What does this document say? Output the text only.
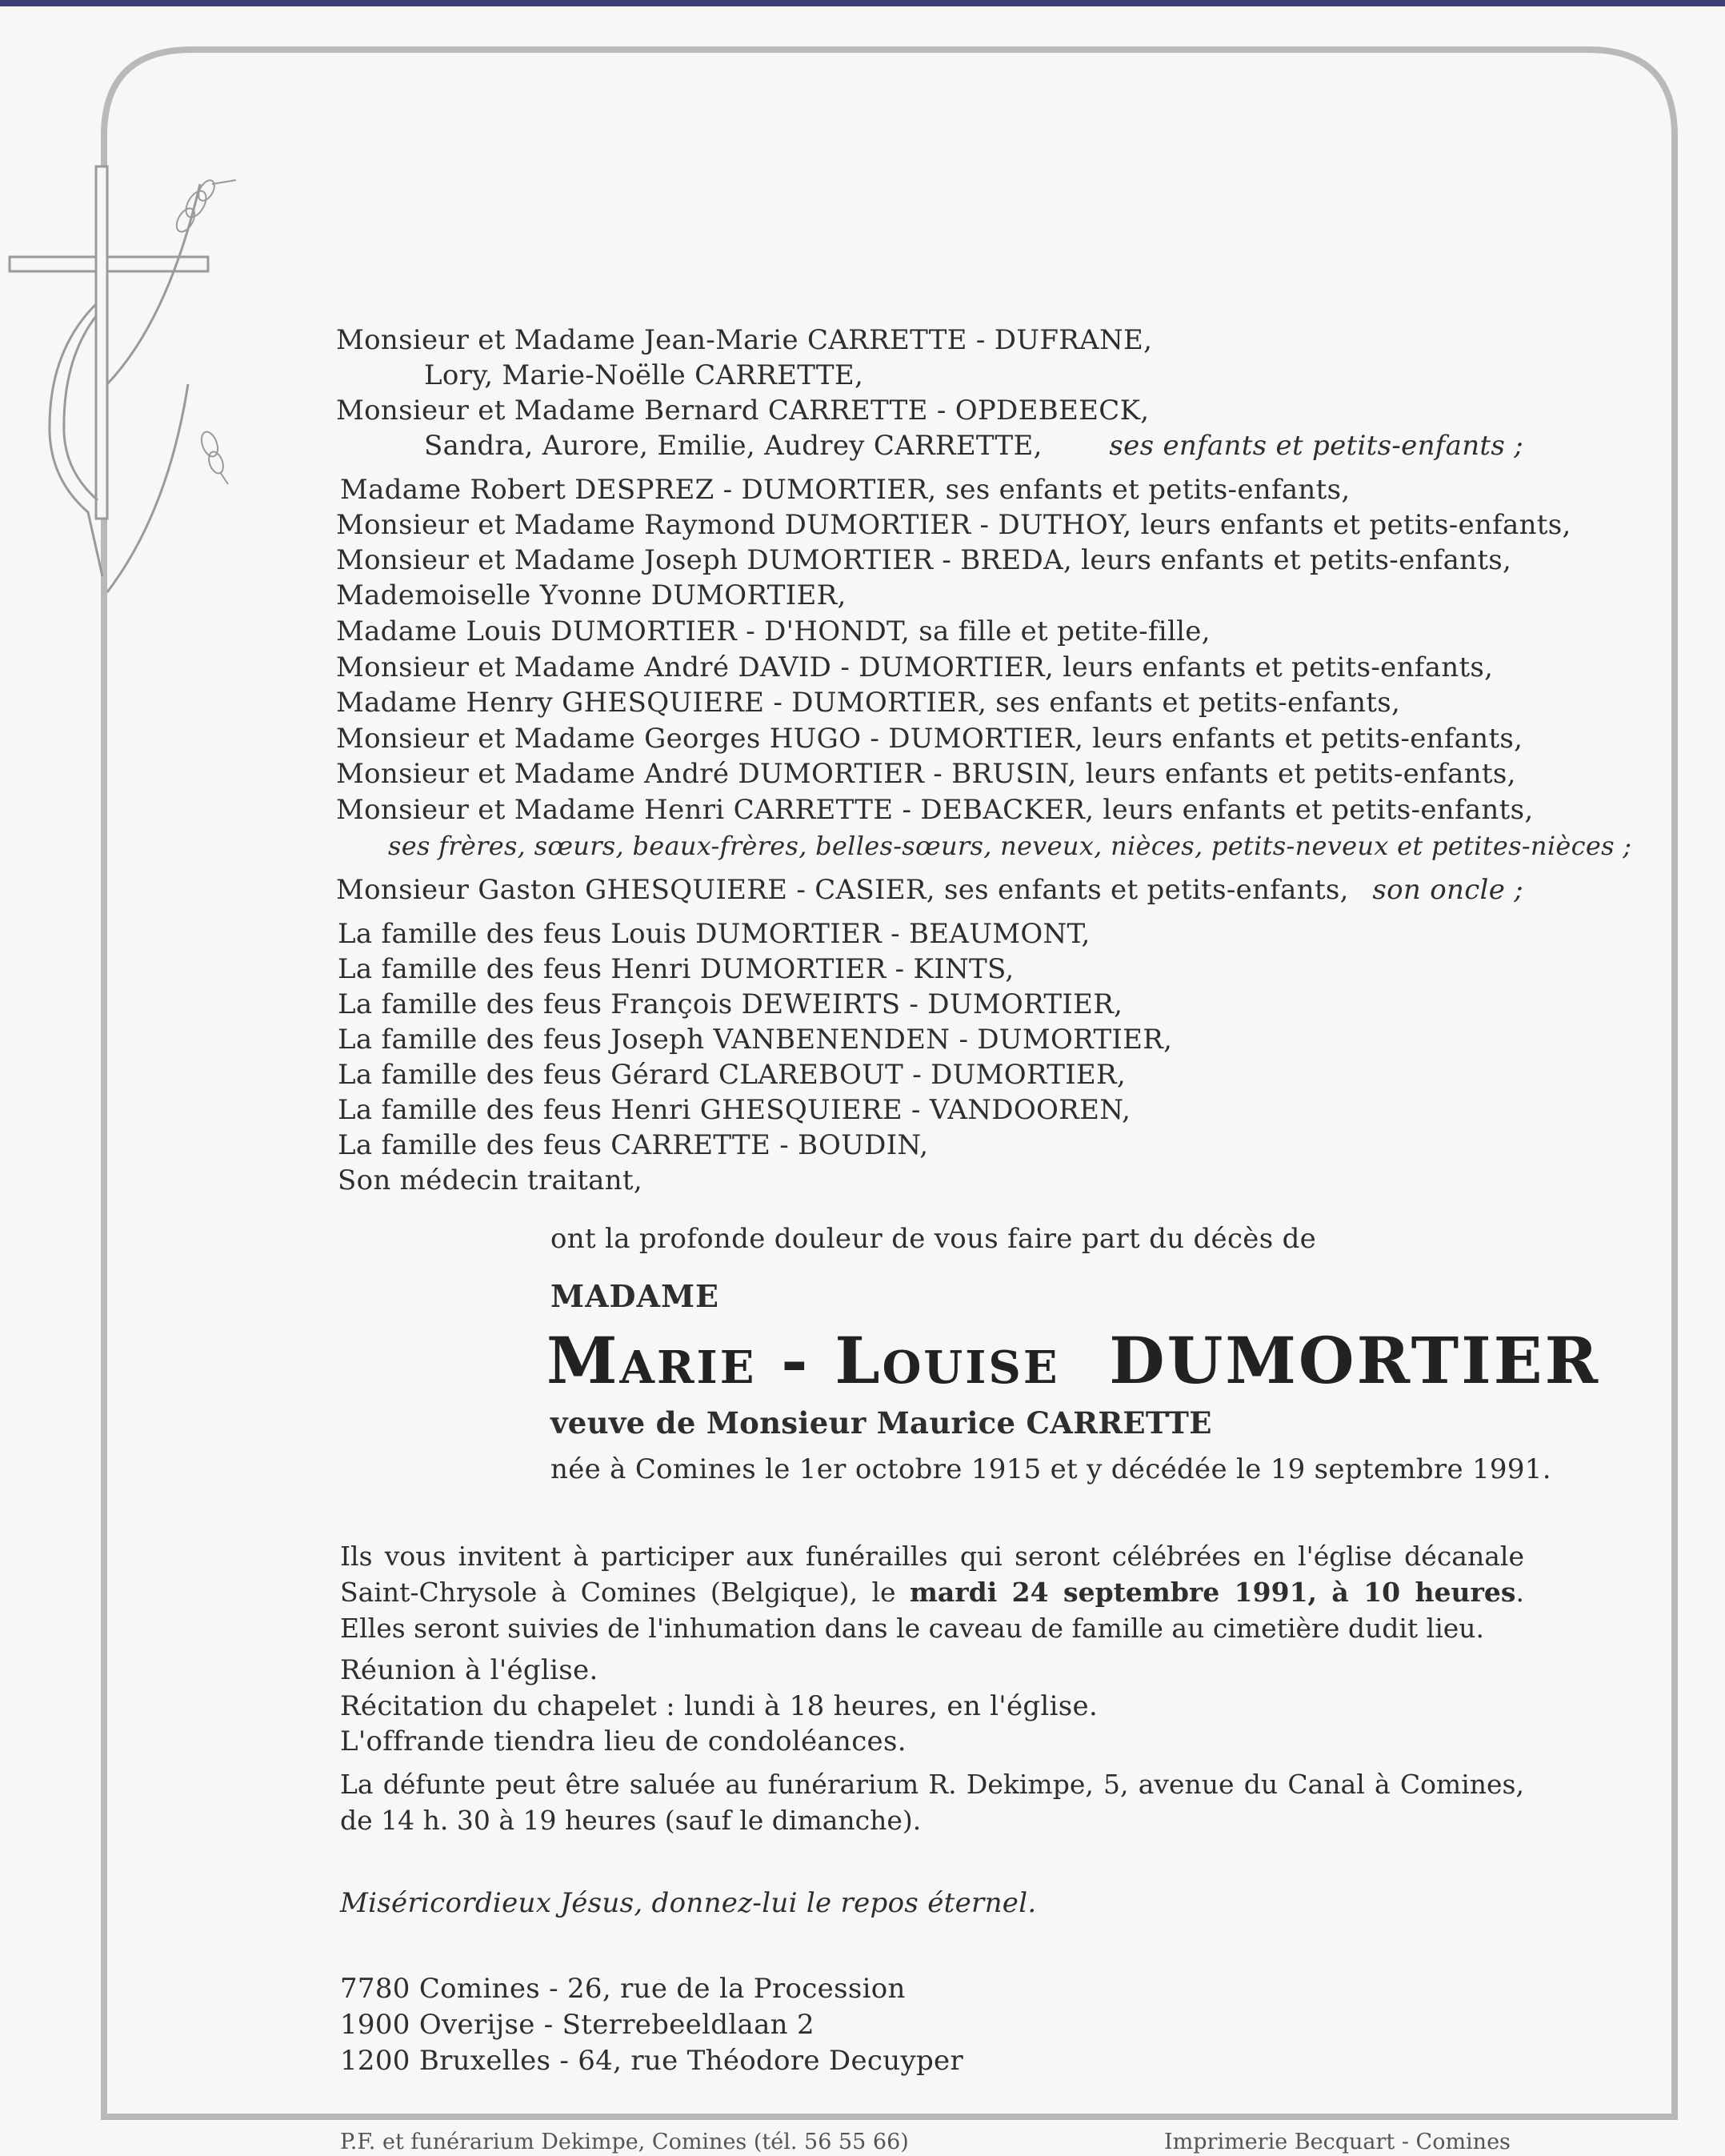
Monsieur et Madame Jean-Marie CARRETTE - DUFRANE,
Lory, Marie-Noëlle CARRETTE,
Monsieur et Madame Bernard CARRETTE - OPDEBEECK,
Sandra, Aurore, Emilie, Audrey CARRETTE,	ses enfants et petits-enfants ;
Madame Robert DESPREZ - DUMORTIER, ses enfants et petits-enfants,
Monsieur et Madame Raymond DUMORTIER - DUTHOY, leurs enfants et petits-enfants,
Monsieur et Madame Joseph DUMORTIER - BREDA, leurs enfants et petits-enfants,
Mademoiselle Yvonne DUMORTIER,
Madame Louis DUMORTIER - D'HONDT, sa fille et petite-fille,
Monsieur et Madame André DAVID - DUMORTIER, leurs enfants et petits-enfants,
Madame Henry GHESQUIERE - DUMORTIER, ses enfants et petits-enfants,
Monsieur et Madame Georges HUGO - DUMORTIER, leurs enfants et petits-enfants,
Monsieur et Madame André DUMORTIER - BRUSIN, leurs enfants et petits-enfants,
Monsieur et Madame Henri CARRETTE - DEBACKER, leurs enfants et petits-enfants,
ses frères, sœurs, beaux-frères, belles-sœurs, neveux, nièces, petits-neveux et petites-nièces ;
Monsieur Gaston GHESQUIERE - CASIER, ses enfants et petits-enfants, son oncle ;
La famille des feus Louis DUMORTIER - BEAUMONT,
La famille des feus Henri DUMORTIER - KINTS,
La famille des feus François DEWEIRTS - DUMORTIER,
La famille des feus Joseph VANBENENDEN - DUMORTIER,
La famille des feus Gérard CLAREBOUT - DUMORTIER,
La famille des feus Henri GHESQUIERE - VANDOOREN,
La famille des feus CARRETTE - BOUDIN,
Son médecin traitant,
ont la profonde douleur de vous faire part du décès de
MADAME
Marie - Louise DUMORTIER
veuve de Monsieur Maurice CARRETTE
née à Comines le 1er octobre 1915 et y décédée le 19 septembre 1991.
Ils vous invitent à participer aux funérailles qui seront célébrées en l'église décanale Saint-Chrysole à Comines (Belgique), le mardi 24 septembre 1991, à 10 heures. Elles seront suivies de l'inhumation dans le caveau de famille au cimetière dudit lieu.
Réunion à l'église.
Récitation du chapelet : lundi à 18 heures, en l'église.
L'offrande tiendra lieu de condoléances.
La défunte peut être saluée au funérarium R. Dekimpe, 5, avenue du Canal à Comines, de 14 h. 30 à 19 heures (sauf le dimanche).
Miséricordieux Jésus, donnez-lui le repos éternel.
7780 Comines - 26, rue de la Procession
1900 Overijse - Sterrebeeldlaan 2
1200 Bruxelles - 64, rue Théodore Decuyper
P.F. et funérarium Dekimpe, Comines (tél. 56 55 66)	Imprimerie Becquart - Comines
